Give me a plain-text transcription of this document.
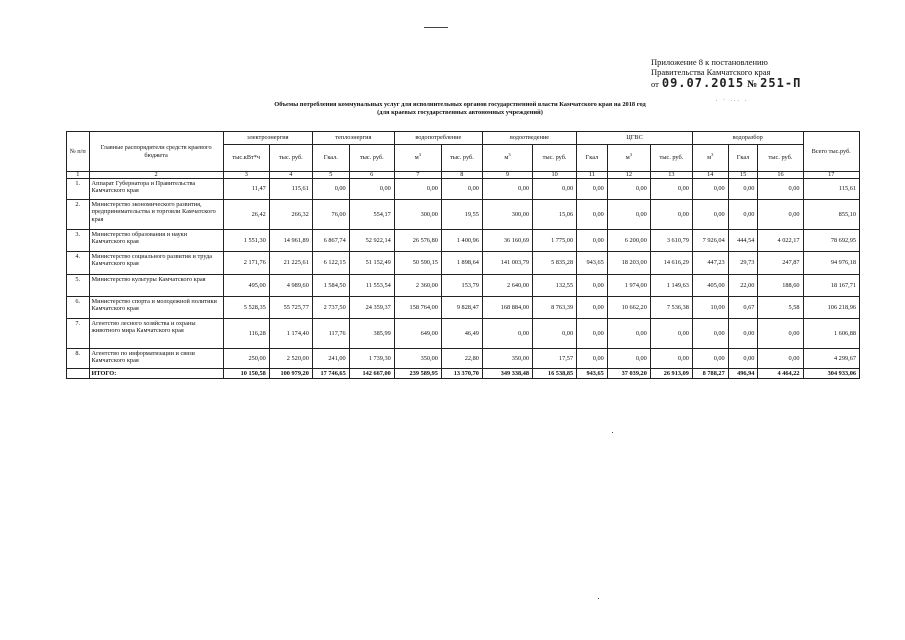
Приложение 8 к постановлению
Правительства Камчатского края
от 09.07.2015 № 251-П
. · ... .
Объемы потребления коммунальных услуг для исполнительных органов государственной власти Камчатского края на 2018 год
(для краевых государственных автономных учреждений)
№ п/п	Главные распорядители средств краевого бюджета	электроэнергия		теплоэнергия		водопотребление		водоотведение		ЦГВС			водоразбор			Всего тыс.руб.
		тыс.кВт*ч	тыс. руб.	Гкал.	тыс. руб.	$м^3$	тыс. руб.	$м^3$	тыс. руб.	Гкал	$м^3$	тыс. руб.	$м^3$	Гкал	тыс. руб.	
1	2	3	4	5	6	7	8	9	10	11	12	13	14	15	16	17
1.	Аппарат Губернатора и Правительства Камчатского края	11,47	115,61	0,00	0,00	0,00	0,00	0,00	0,00	0,00	0,00	0,00	0,00	0,00	0,00	115,61
2.	Министерство экономического развития, предпринимательства и торговли Камчатского края	26,42	266,32	76,00	554,17	300,00	19,55	300,00	15,06	0,00	0,00	0,00	0,00	0,00	0,00	855,10
3.	Министерство образования и науки Камчатского края	1 551,30	14 961,89	6 867,74	52 922,14	26 576,80	1 400,96	36 160,69	1 775,00	0,00	6 200,00	3 610,79	7 926,04	444,54	4 022,17	78 692,95
4.	Министерство социального развития и труда Камчатского края	2 171,76	21 225,61	6 122,15	51 152,49	50 590,15	1 898,64	141 003,79	5 835,28	943,65	18 203,00	14 616,29	447,23	29,73	247,87	94 976,18
5.	Министерство культуры Камчатского края	495,00	4 989,60	1 584,50	11 553,54	2 360,00	153,79	2 640,00	132,55	0,00	1 974,00	1 149,63	405,00	22,00	188,60	18 167,71
6.	Министерство спорта и молодежной политики Камчатского края	5 528,35	55 725,77	2 737,50	24 359,37	158 764,00	9 828,47	168 884,00	8 763,39	0,00	10 662,20	7 536,38	10,00	0,67	5,58	106 218,96
7.	Агентство лесного хозяйства и охраны животного мира Камчатского края	116,28	1 174,40	117,76	385,99	649,00	46,49	0,00	0,00	0,00	0,00	0,00	0,00	0,00	0,00	1 606,88
8.	Агентство по информатизации и связи Камчатского края	250,00	2 520,00	241,00	1 739,30	350,00	22,80	350,00	17,57	0,00	0,00	0,00	0,00	0,00	0,00	4 299,67
	ИТОГО:	10 150,58	100 979,20	17 746,65	142 667,00	239 589,95	13 370,70	349 338,48	16 538,85	943,65	37 039,20	26 913,09	8 788,27	496,94	4 464,22	304 933,06
